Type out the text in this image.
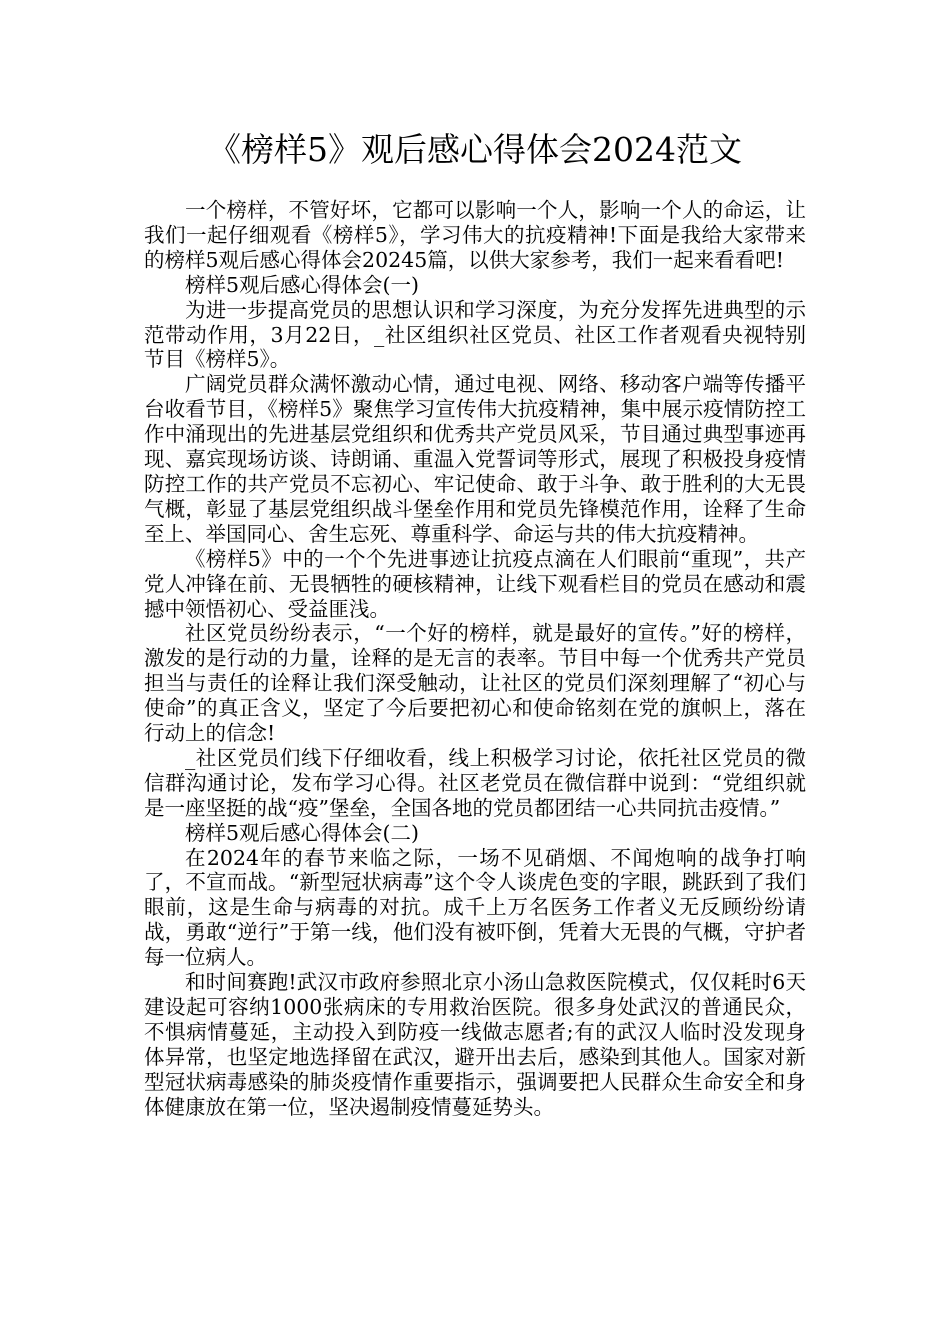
《榜样5》观后感心得体会2024范文

一个榜样，不管好坏，它都可以影响一个人，影响一个人的命运，让我们一起仔细观看《榜样5》，学习伟大的抗疫精神!下面是我给大家带来的榜样5观后感心得体会20245篇，以供大家参考，我们一起来看看吧!

榜样5观后感心得体会(一)

为进一步提高党员的思想认识和学习深度，为充分发挥先进典型的示范带动作用，3月22日，_社区组织社区党员、社区工作者观看央视特别节目《榜样5》。

广阔党员群众满怀激动心情，通过电视、网络、移动客户端等传播平台收看节目，《榜样5》聚焦学习宣传伟大抗疫精神，集中展示疫情防控工作中涌现出的先进基层党组织和优秀共产党员风采，节目通过典型事迹再现、嘉宾现场访谈、诗朗诵、重温入党誓词等形式，展现了积极投身疫情防控工作的共产党员不忘初心、牢记使命、敢于斗争、敢于胜利的大无畏气概，彰显了基层党组织战斗堡垒作用和党员先锋模范作用，诠释了生命至上、举国同心、舍生忘死、尊重科学、命运与共的伟大抗疫精神。

《榜样5》中的一个个先进事迹让抗疫点滴在人们眼前“重现”，共产党人冲锋在前、无畏牺牲的硬核精神，让线下观看栏目的党员在感动和震撼中领悟初心、受益匪浅。

社区党员纷纷表示，“一个好的榜样，就是最好的宣传。”好的榜样，激发的是行动的力量，诠释的是无言的表率。节目中每一个优秀共产党员担当与责任的诠释让我们深受触动，让社区的党员们深刻理解了“初心与使命”的真正含义，坚定了今后要把初心和使命铭刻在党的旗帜上，落在行动上的信念!

_社区党员们线下仔细收看，线上积极学习讨论，依托社区党员的微信群沟通讨论，发布学习心得。社区老党员在微信群中说到：“党组织就是一座坚挺的战“疫”堡垒，全国各地的党员都团结一心共同抗击疫情。”

榜样5观后感心得体会(二)

在2024年的春节来临之际，一场不见硝烟、不闻炮响的战争打响了，不宣而战。“新型冠状病毒”这个令人谈虎色变的字眼，跳跃到了我们眼前，这是生命与病毒的对抗。成千上万名医务工作者义无反顾纷纷请战，勇敢“逆行”于第一线，他们没有被吓倒，凭着大无畏的气概，守护者每一位病人。

和时间赛跑!武汉市政府参照北京小汤山急救医院模式，仅仅耗时6天建设起可容纳1000张病床的专用救治医院。很多身处武汉的普通民众，不惧病情蔓延，主动投入到防疫一线做志愿者;有的武汉人临时没发现身体异常，也坚定地选择留在武汉，避开出去后，感染到其他人。国家对新型冠状病毒感染的肺炎疫情作重要指示，强调要把人民群众生命安全和身体健康放在第一位，坚决遏制疫情蔓延势头。
